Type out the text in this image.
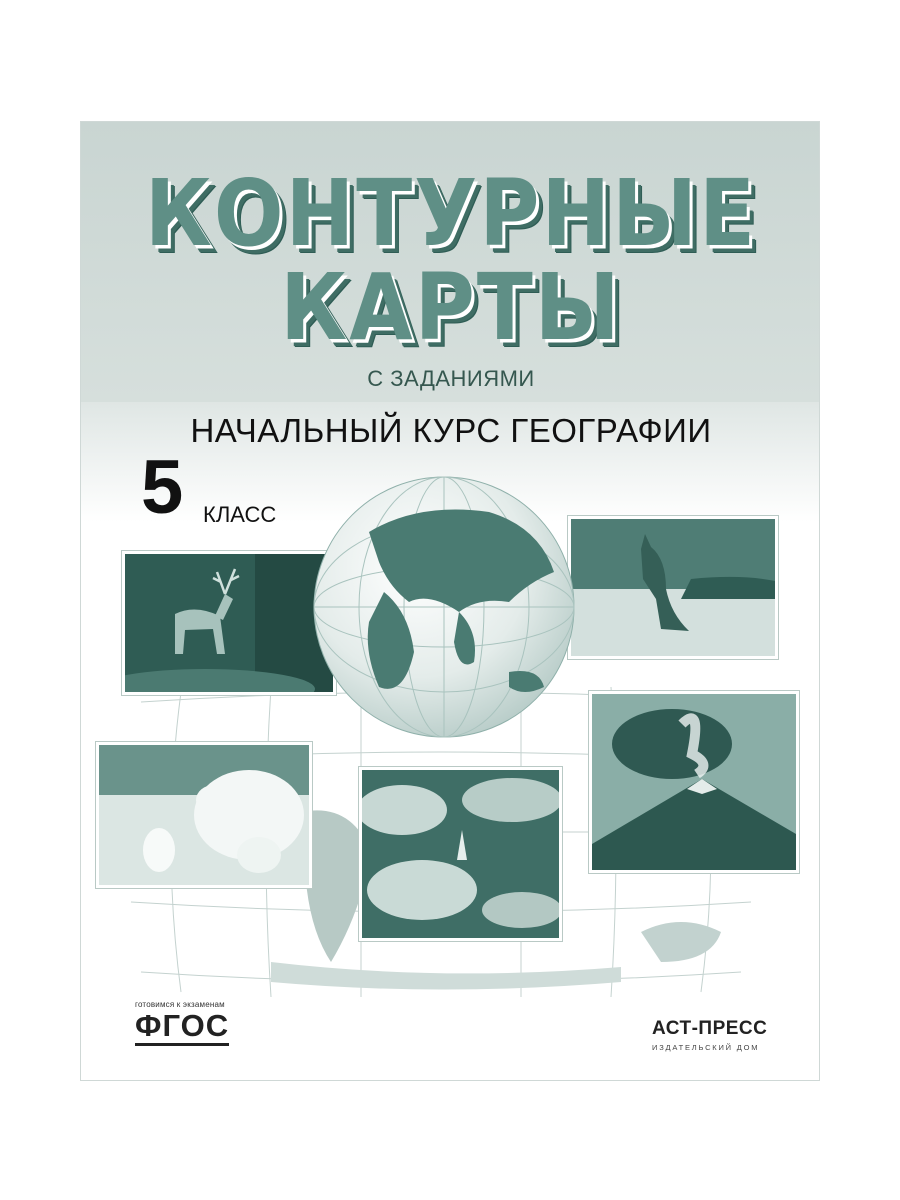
КОНТУРНЫЕ
КАРТЫ
С ЗАДАНИЯМИ
НАЧАЛЬНЫЙ КУРС ГЕОГРАФИИ
5 КЛАСС
готовимся к экзаменам
ФГОС	АСТ-ПРЕСС
ИЗДАТЕЛЬСКИЙ ДОМ
